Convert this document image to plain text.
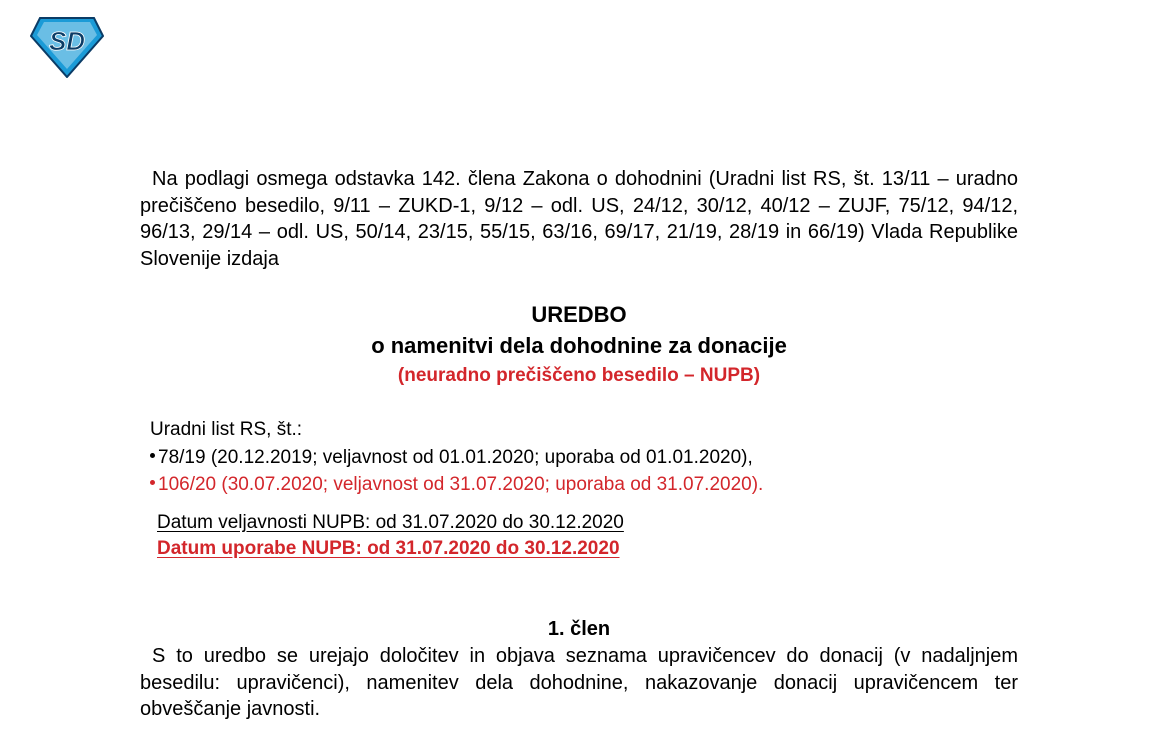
SD
Na podlagi osmega odstavka 142. člena Zakona o dohodnini (Uradni list RS, št. 13/11 – uradno prečiščeno besedilo, 9/11 – ZUKD-1, 9/12 – odl. US, 24/12, 30/12, 40/12 – ZUJF, 75/12, 94/12, 96/13, 29/14 – odl. US, 50/14, 23/15, 55/15, 63/16, 69/17, 21/19, 28/19 in 66/19) Vlada Republike Slovenije izdaja
UREDBO
o namenitvi dela dohodnine za donacije
(neuradno prečiščeno besedilo – NUPB)
Uradni list RS, št.:
78/19 (20.12.2019; veljavnost od 01.01.2020; uporaba od 01.01.2020),
106/20 (30.07.2020; veljavnost od 31.07.2020; uporaba od 31.07.2020).
Datum veljavnosti NUPB: od 31.07.2020 do 30.12.2020
Datum uporabe NUPB: od 31.07.2020 do 30.12.2020
1. člen
S to uredbo se urejajo določitev in objava seznama upravičencev do donacij (v nadaljnjem besedilu: upravičenci), namenitev dela dohodnine, nakazovanje donacij upravičencem ter obveščanje javnosti.
